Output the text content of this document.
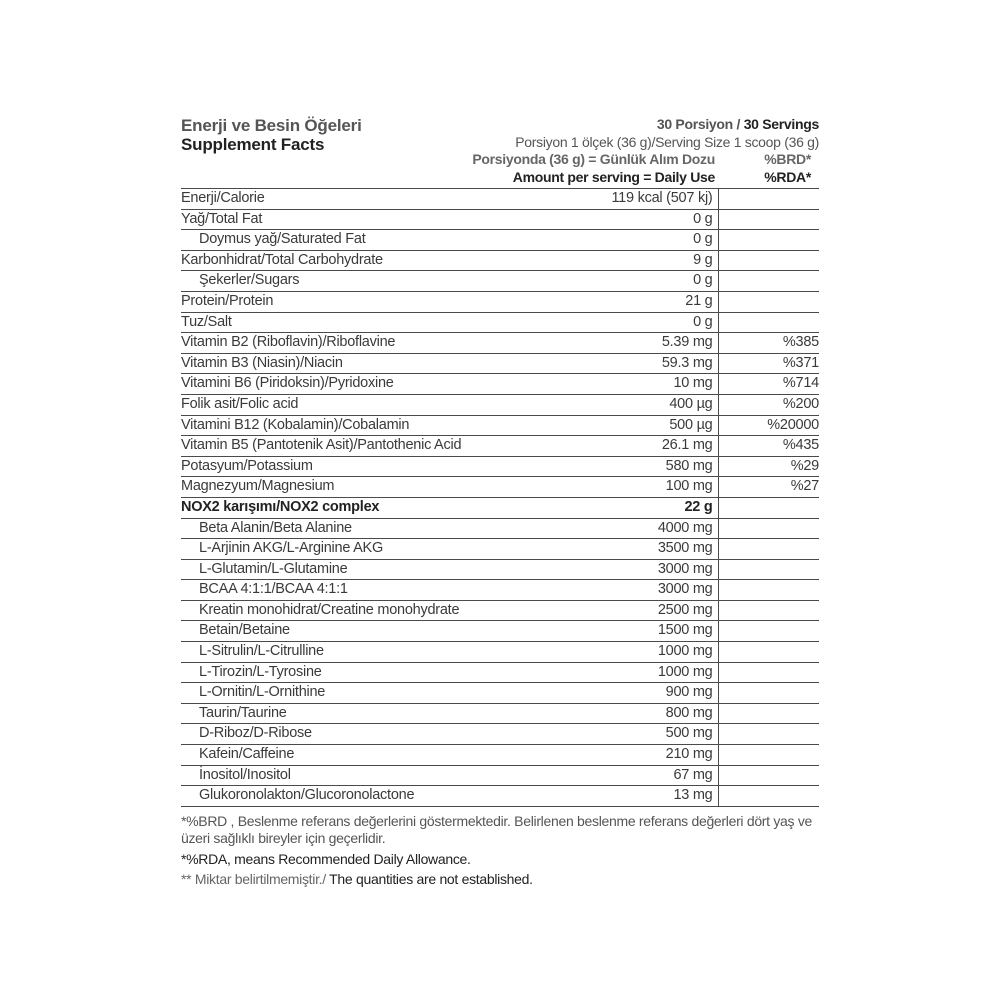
Enerji ve Besin Öğeleri
Supplement Facts
30 Porsiyon / 30 Servings
Porsiyon 1 ölçek (36 g)/Serving Size 1 scoop (36 g)
Porsiyonda (36 g) = Günlük Alım Dozu	%BRD*
Amount per serving = Daily Use	%RDA*
Enerji/Calorie	119 kcal (507 kj)	
Yağ/Total Fat	0 g	
Doymus yağ/Saturated Fat	0 g	
Karbonhidrat/Total Carbohydrate	9 g	
Şekerler/Sugars	0 g	
Protein/Protein	21 g	
Tuz/Salt	0 g	
Vitamin B2 (Riboflavin)/Riboflavine	5.39 mg	%385
Vitamin B3 (Niasin)/Niacin	59.3 mg	%371
Vitamini B6 (Piridoksin)/Pyridoxine	10 mg	%714
Folik asit/Folic acid	400 µg	%200
Vitamini B12 (Kobalamin)/Cobalamin	500 µg	%20000
Vitamin B5 (Pantotenik Asit)/Pantothenic Acid	26.1 mg	%435
Potasyum/Potassium	580 mg	%29
Magnezyum/Magnesium	100 mg	%27
NOX2 karışımı/NOX2 complex	22 g	
Beta Alanin/Beta Alanine	4000 mg	
L-Arjinin AKG/L-Arginine AKG	3500 mg	
L-Glutamin/L-Glutamine	3000 mg	
BCAA 4:1:1/BCAA 4:1:1	3000 mg	
Kreatin monohidrat/Creatine monohydrate	2500 mg	
Betain/Betaine	1500 mg	
L-Sitrulin/L-Citrulline	1000 mg	
L-Tirozin/L-Tyrosine	1000 mg	
L-Ornitin/L-Ornithine	900 mg	
Taurin/Taurine	800 mg	
D-Riboz/D-Ribose	500 mg	
Kafein/Caffeine	210 mg	
İnositol/Inositol	67 mg	
Glukoronolakton/Glucoronolactone	13 mg	
*%BRD , Beslenme referans değerlerini göstermektedir. Belirlenen beslenme referans değerleri dört yaş ve üzeri sağlıklı bireyler için geçerlidir.
*%RDA, means Recommended Daily Allowance.
** Miktar belirtilmemiştir./ The quantities are not established.
